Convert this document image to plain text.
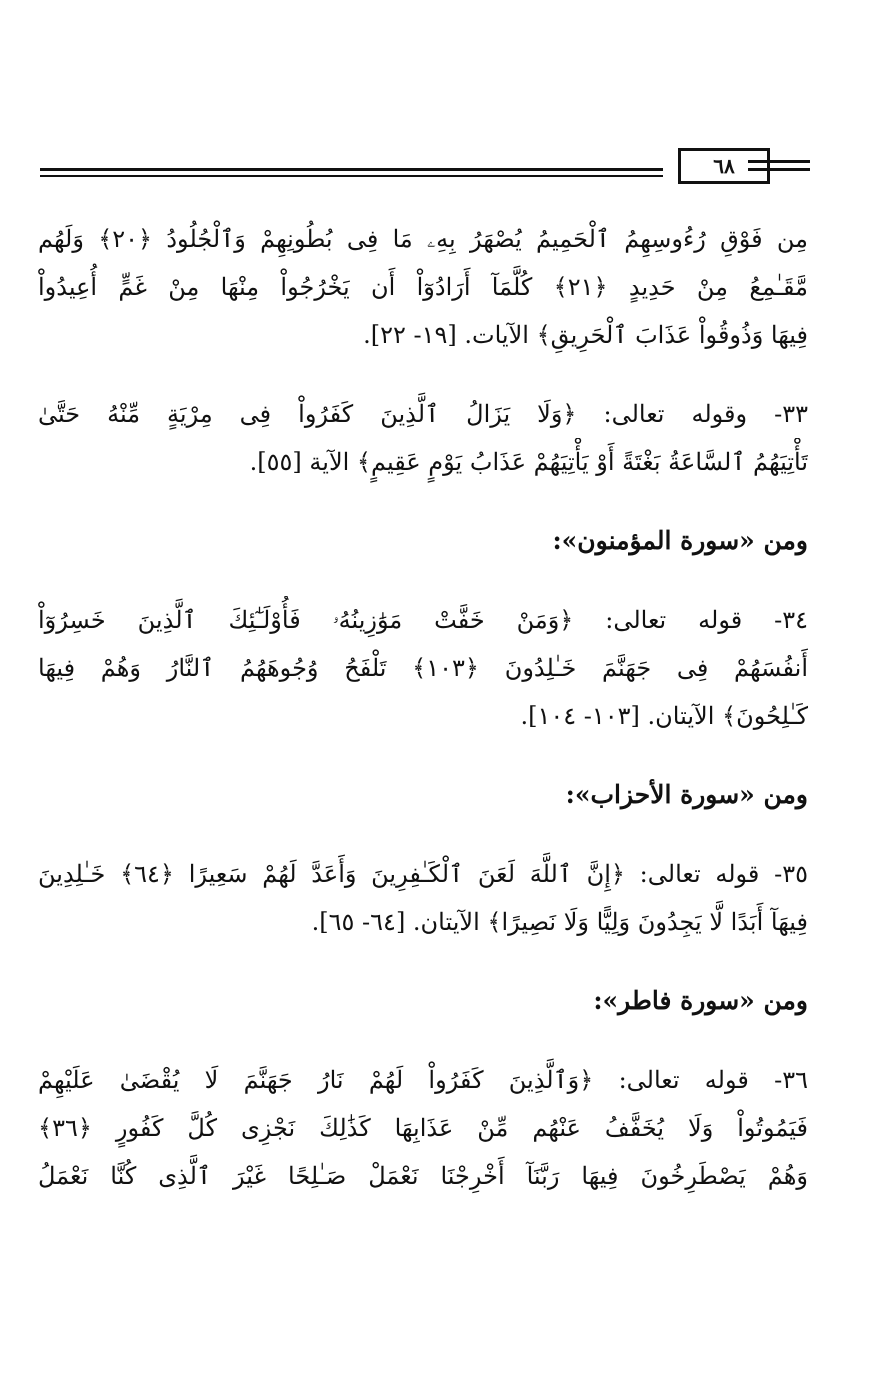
٦٨
مِن فَوْقِ رُءُوسِهِمُ ٱلْحَمِيمُ يُصْهَرُ بِهِۦ مَا فِى بُطُونِهِمْ وَٱلْجُلُودُ ﴿٢٠﴾ وَلَهُم
مَّقَـٰمِعُ مِنْ حَدِيدٍ ﴿٢١﴾ كُلَّمَآ أَرَادُوٓاْ أَن يَخْرُجُواْ مِنْهَا مِنْ غَمٍّ أُعِيدُواْ
فِيهَا وَذُوقُواْ عَذَابَ ٱلْحَرِيقِ﴾ الآيات. [١٩- ٢٢].
٣٣- وقوله تعالى: ﴿وَلَا يَزَالُ ٱلَّذِينَ كَفَرُواْ فِى مِرْيَةٍ مِّنْهُ حَتَّىٰ
تَأْتِيَهُمُ ٱلسَّاعَةُ بَغْتَةً أَوْ يَأْتِيَهُمْ عَذَابُ يَوْمٍ عَقِيمٍ﴾ الآية [٥٥].
ومن «سورة المؤمنون»:
٣٤- قوله تعالى: ﴿وَمَنْ خَفَّتْ مَوَٰزِينُهُۥ فَأُوْلَـٰٓئِكَ ٱلَّذِينَ خَسِرُوٓاْ
أَنفُسَهُمْ فِى جَهَنَّمَ خَـٰلِدُونَ ﴿١٠٣﴾ تَلْفَحُ وُجُوهَهُمُ ٱلنَّارُ وَهُمْ فِيهَا
كَـٰلِحُونَ﴾ الآيتان. [١٠٣- ١٠٤].
ومن «سورة الأحزاب»:
٣٥- قوله تعالى: ﴿إِنَّ ٱللَّهَ لَعَنَ ٱلْكَـٰفِرِينَ وَأَعَدَّ لَهُمْ سَعِيرًا ﴿٦٤﴾ خَـٰلِدِينَ
فِيهَآ أَبَدًا لَّا يَجِدُونَ وَلِيًّا وَلَا نَصِيرًا﴾ الآيتان. [٦٤- ٦٥].
ومن «سورة فاطر»:
٣٦- قوله تعالى: ﴿وَٱلَّذِينَ كَفَرُواْ لَهُمْ نَارُ جَهَنَّمَ لَا يُقْضَىٰ عَلَيْهِمْ
فَيَمُوتُواْ وَلَا يُخَفَّفُ عَنْهُم مِّنْ عَذَابِهَا كَذَٰلِكَ نَجْزِى كُلَّ كَفُورٍ ﴿٣٦﴾
وَهُمْ يَصْطَرِخُونَ فِيهَا رَبَّنَآ أَخْرِجْنَا نَعْمَلْ صَـٰلِحًا غَيْرَ ٱلَّذِى كُنَّا نَعْمَلُ
